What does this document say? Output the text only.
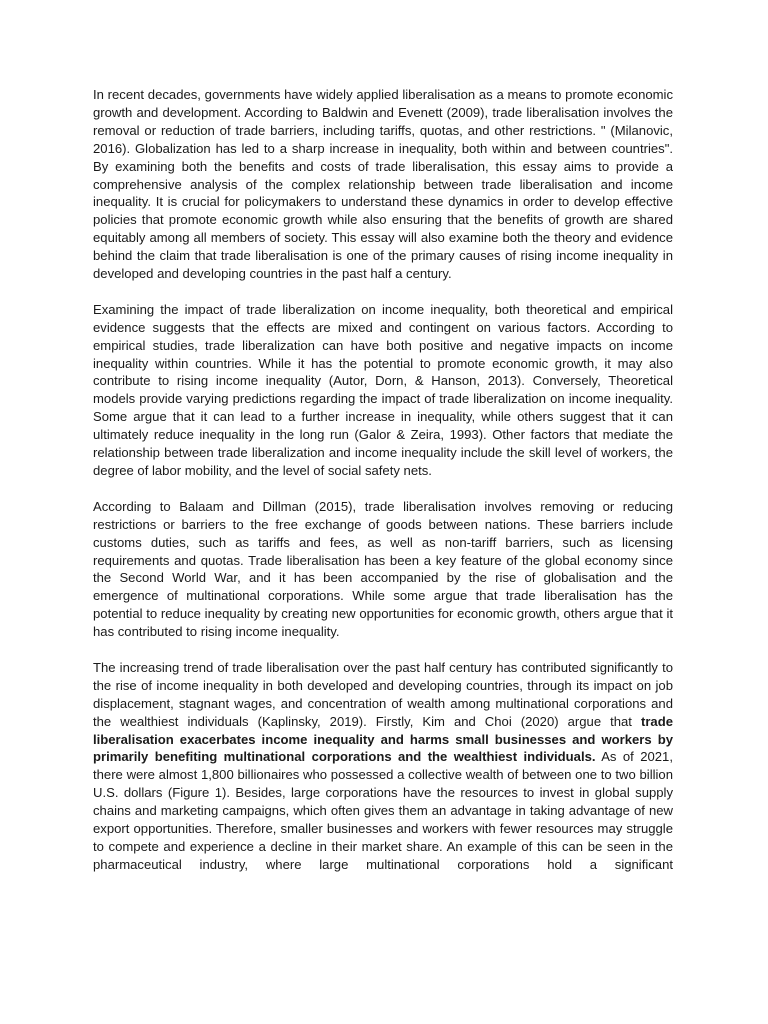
In recent decades, governments have widely applied liberalisation as a means to promote economic growth and development. According to Baldwin and Evenett (2009), trade liberalisation involves the removal or reduction of trade barriers, including tariffs, quotas, and other restrictions. " (Milanovic, 2016). Globalization has led to a sharp increase in inequality, both within and between countries". By examining both the benefits and costs of trade liberalisation, this essay aims to provide a comprehensive analysis of the complex relationship between trade liberalisation and income inequality. It is crucial for policymakers to understand these dynamics in order to develop effective policies that promote economic growth while also ensuring that the benefits of growth are shared equitably among all members of society. This essay will also examine both the theory and evidence behind the claim that trade liberalisation is one of the primary causes of rising income inequality in developed and developing countries in the past half a century.

Examining the impact of trade liberalization on income inequality, both theoretical and empirical evidence suggests that the effects are mixed and contingent on various factors. According to empirical studies, trade liberalization can have both positive and negative impacts on income inequality within countries. While it has the potential to promote economic growth, it may also contribute to rising income inequality (Autor, Dorn, & Hanson, 2013). Conversely, Theoretical models provide varying predictions regarding the impact of trade liberalization on income inequality. Some argue that it can lead to a further increase in inequality, while others suggest that it can ultimately reduce inequality in the long run (Galor & Zeira, 1993). Other factors that mediate the relationship between trade liberalization and income inequality include the skill level of workers, the degree of labor mobility, and the level of social safety nets.

According to Balaam and Dillman (2015), trade liberalisation involves removing or reducing restrictions or barriers to the free exchange of goods between nations. These barriers include customs duties, such as tariffs and fees, as well as non-tariff barriers, such as licensing requirements and quotas. Trade liberalisation has been a key feature of the global economy since the Second World War, and it has been accompanied by the rise of globalisation and the emergence of multinational corporations. While some argue that trade liberalisation has the potential to reduce inequality by creating new opportunities for economic growth, others argue that it has contributed to rising income inequality.

The increasing trend of trade liberalisation over the past half century has contributed significantly to the rise of income inequality in both developed and developing countries, through its impact on job displacement, stagnant wages, and concentration of wealth among multinational corporations and the wealthiest individuals (Kaplinsky, 2019). Firstly, Kim and Choi (2020) argue that trade liberalisation exacerbates income inequality and harms small businesses and workers by primarily benefiting multinational corporations and the wealthiest individuals. As of 2021, there were almost 1,800 billionaires who possessed a collective wealth of between one to two billion U.S. dollars (Figure 1). Besides, large corporations have the resources to invest in global supply chains and marketing campaigns, which often gives them an advantage in taking advantage of new export opportunities. Therefore, smaller businesses and workers with fewer resources may struggle to compete and experience a decline in their market share. An example of this can be seen in the pharmaceutical industry, where large multinational corporations hold a significant
